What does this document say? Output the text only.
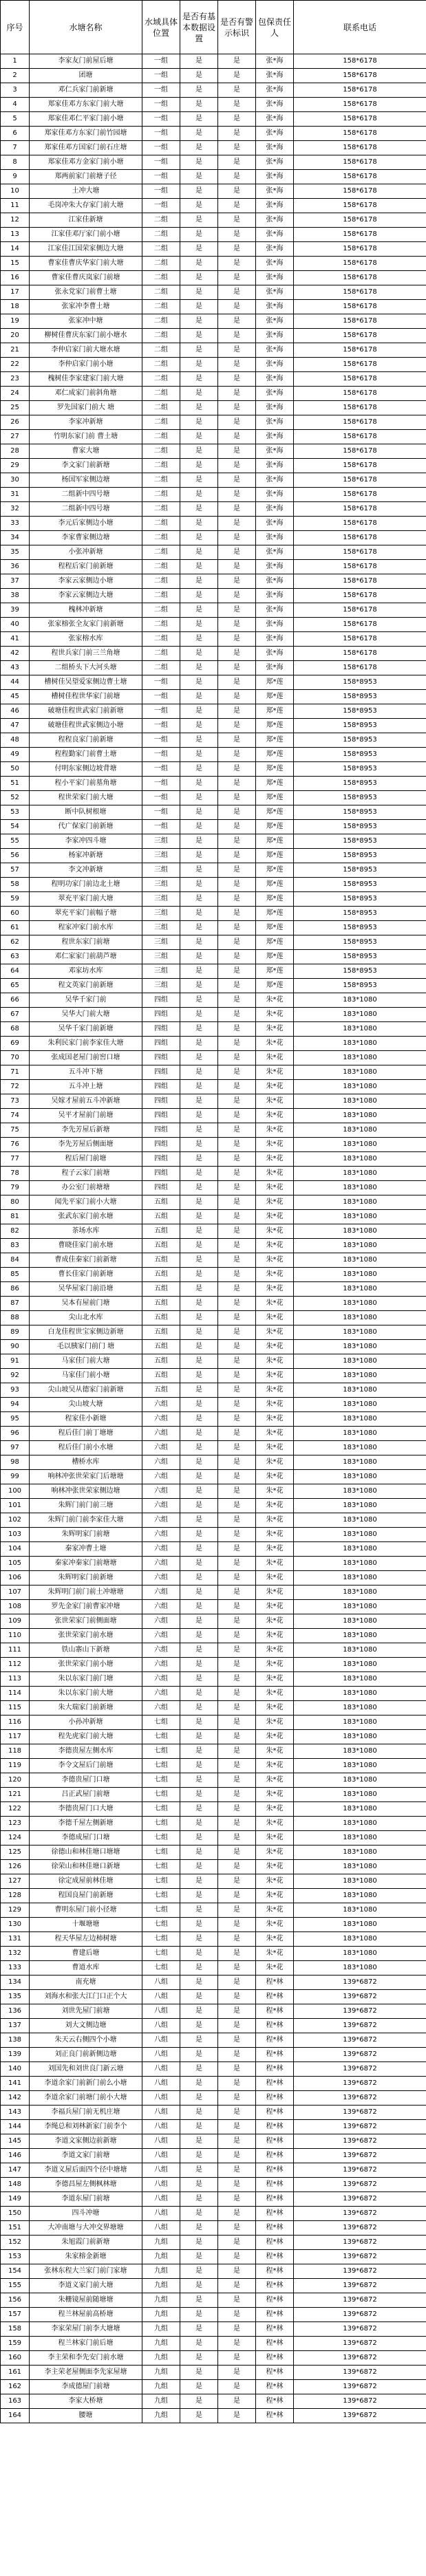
序号	水塘名称	水域具体位置	是否有基本数据设置	是否有警示标识	包保责任人	联系电话
1	李家友门前屋后塘	一组	是	是	张*海	158*6178
2	团塘	一组	是	是	张*海	158*6178
3	邓仁兵家门前新塘	一组	是	是	张*海	158*6178
4	郑家佳邓方东家门前大塘	一组	是	是	张*海	158*6178
5	郑家佳邓仁平家门前小塘	一组	是	是	张*海	158*6178
6	郑家佳邓方东家门前竹园塘	一组	是	是	张*海	158*6178
7	郑家佳邓方国家门前石庄塘	一组	是	是	张*海	158*6178
8	郑家佳邓方金家门前小塘	一组	是	是	张*海	158*6178
9	郑两前家门前塘子径	一组	是	是	张*海	158*6178
10	土冲大塘	一组	是	是	张*海	158*6178
11	毛岗冲朱大存家门前大塘	一组	是	是	张*海	158*6178
12	江家佳新塘	二组	是	是	张*海	158*6178
13	江家佳邓厅家门前小塘	二组	是	是	张*海	158*6178
14	江家佳江国荣家侧边大塘	二组	是	是	张*海	158*6178
15	曹家佳曹庆华家门前大塘	二组	是	是	张*海	158*6178
16	曹家佳曹庆岚家门前塘	二组	是	是	张*海	158*6178
17	张永党家门前曹土塘	二组	是	是	张*海	158*6178
18	张家冲李曹土塘	二组	是	是	张*海	158*6178
19	张家冲中塘	二组	是	是	张*海	158*6178
20	柳树佳曹庆东家门前小塘水	二组	是	是	张*海	158*6178
21	李仲启家门前大塘水塘	二组	是	是	张*海	158*6178
22	李仲启家门前小塘	二组	是	是	张*海	158*6178
23	槐树佳李家建家门前大塘	二组	是	是	张*海	158*6178
24	邓仁成家门前斜角塘	二组	是	是	张*海	158*6178
25	罗先国家门前大 塘	二组	是	是	张*海	158*6178
26	李家冲新塘	二组	是	是	张*海	158*6178
27	竹明东家门前 曹土塘	二组	是	是	张*海	158*6178
28	曹家大塘	二组	是	是	张*海	158*6178
29	李文家门前新塘	二组	是	是	张*海	158*6178
30	杨国军家侧边塘	二组	是	是	张*海	158*6178
31	二组新中四号塘	二组	是	是	张*海	158*6178
32	二组新中四号塘	二组	是	是	张*海	158*6178
33	李元后家侧边小塘	二组	是	是	张*海	158*6178
34	李家曹家侧边塘	二组	是	是	张*海	158*6178
35	小张冲新塘	二组	是	是	张*海	158*6178
36	程程后家门前新塘	二组	是	是	张*海	158*6178
37	李家云家侧边小塘	二组	是	是	张*海	158*6178
38	李家云家侧边大塘	二组	是	是	张*海	158*6178
39	槐林冲新塘	二组	是	是	张*海	158*6178
40	张家榕张全友家门前新塘	二组	是	是	张*海	158*6178
41	张家榕水库	二组	是	是	张*海	158*6178
42	程世兵家门前三兰角塘	二组	是	是	张*海	158*6178
43	二组桥头下大河头塘	二组	是	是	张*海	158*6178
44	槽树佳吴望爱家侧边曹土塘	一组	是	是	郑*莲	158*8953
45	槽树佳程世华家门前塘	一组	是	是	郑*莲	158*8953
46	破塘佳程世武家门前新塘	一组	是	是	郑*莲	158*8953
47	破塘佳程世武家侧边小塘	一组	是	是	郑*莲	158*8953
48	程程良家门前新塘	一组	是	是	郑*莲	158*8953
49	程程勤家门前曹土塘	一组	是	是	郑*莲	158*8953
50	付明东家侧边坡背塘	一组	是	是	郑*莲	158*8953
51	程小平家门前墓角塘	一组	是	是	郑*莲	158*8953
52	程世荣家门前大塘	一组	是	是	郑*莲	158*8953
53	断中队树根塘	一组	是	是	郑*莲	158*8953
54	代广保家门前新塘	一组	是	是	郑*莲	158*8953
55	李家冲四斗塘	三组	是	是	郑*莲	158*8953
56	杨家冲新塘	三组	是	是	郑*莲	158*8953
57	李文冲新塘	三组	是	是	郑*莲	158*8953
58	程明功家门前边北土塘	三组	是	是	郑*莲	158*8953
59	翠充平家门前大塘	三组	是	是	郑*莲	158*8953
60	翠充平家门前幅子塘	三组	是	是	郑*莲	158*8953
61	程家冲家门前水库	三组	是	是	郑*莲	158*8953
62	程世东家门前塘	三组	是	是	郑*莲	158*8953
63	邓仁家家门前葫芦塘	三组	是	是	郑*莲	158*8953
64	邓家坊水库	三组	是	是	郑*莲	158*8953
65	程文英家门前新塘	三组	是	是	郑*莲	158*8953
66	吴华千家门前	四组	是	是	朱*花	183*1080
67	吴华大门前大塘	四组	是	是	朱*花	183*1080
68	吴华千家门前新塘	四组	是	是	朱*花	183*1080
69	朱利民家门前李家佳大塘	四组	是	是	朱*花	183*1080
70	张成国老屋门前窖口塘	四组	是	是	朱*花	183*1080
71	五斗冲下塘	四组	是	是	朱*花	183*1080
72	五斗冲上塘	四组	是	是	朱*花	183*1080
73	吴嫁才屋前五斗冲新塘	四组	是	是	朱*花	183*1080
74	吴平才屋前门前塘	四组	是	是	朱*花	183*1080
75	李先芳屋后新塘	四组	是	是	朱*花	183*1080
76	李先芳屋后侧面塘	四组	是	是	朱*花	183*1080
77	程后屋门前塘	四组	是	是	朱*花	183*1080
78	程子云家门前塘	四组	是	是	朱*花	183*1080
79	办公室门前塘塘	四组	是	是	朱*花	183*1080
80	闻先平家门前小大塘	五组	是	是	朱*花	183*1080
81	张武东家门前水塘	五组	是	是	朱*花	183*1080
82	茶场水库	五组	是	是	朱*花	183*1080
83	曹晓佳家门前水塘	五组	是	是	朱*花	183*1080
84	曹成佳秦家门前新塘	五组	是	是	朱*花	183*1080
85	曹长佳家门前新塘	五组	是	是	朱*花	183*1080
86	吴华屋家门前沿塘	五组	是	是	朱*花	183*1080
87	吴本有屋前门塘	五组	是	是	朱*花	183*1080
88	尖山北水库	五组	是	是	朱*花	183*1080
89	白龙佳程世宝家侧边新塘	五组	是	是	朱*花	183*1080
90	毛以胰家门前门 塘	五组	是	是	朱*花	183*1080
91	马家佳门前大塘	五组	是	是	朱*花	183*1080
92	马家佳门前小塘	五组	是	是	朱*花	183*1080
93	尖山坡吴从德家门前新塘	五组	是	是	朱*花	183*1080
94	尖山坡大塘	六组	是	是	朱*花	183*1080
95	程家佳小新塘	六组	是	是	朱*花	183*1080
96	程后佳门前丁塘塘	六组	是	是	朱*花	183*1080
97	程后佳门前小水塘	六组	是	是	朱*花	183*1080
98	槽桥水库	六组	是	是	朱*花	183*1080
99	响林冲张世荣家门后塘塘	六组	是	是	朱*花	183*1080
100	响林冲张世荣家侧边塘	六组	是	是	朱*花	183*1080
101	朱辉门前门前三塘	六组	是	是	朱*花	183*1080
102	朱辉门前门前李家佳大塘	六组	是	是	朱*花	183*1080
103	朱辉明家门前塘	六组	是	是	朱*花	183*1080
104	秦家冲曹土塘	六组	是	是	朱*花	183*1080
105	秦家冲秦家门前塘塘	六组	是	是	朱*花	183*1080
106	朱辉明家门前新塘	六组	是	是	朱*花	183*1080
107	朱辉明门前门前土冲塘塘	六组	是	是	朱*花	183*1080
108	罗先金家门前曹家冲塘	六组	是	是	朱*花	183*1080
109	张世荣家门前侧面塘	六组	是	是	朱*花	183*1080
110	张世荣家门前水塘	六组	是	是	朱*花	183*1080
111	铁山寨山下新塘	六组	是	是	朱*花	183*1080
112	张世荣家门前小塘	六组	是	是	朱*花	183*1080
113	朱以东家门前门塘	六组	是	是	朱*花	183*1080
114	朱以东家门前大塘	六组	是	是	朱*花	183*1080
115	朱大瑞家门前新塘	六组	是	是	朱*花	183*1080
116	小孙冲新塘	七组	是	是	朱*花	183*1080
117	程先虎家门前大塘	七组	是	是	朱*花	183*1080
118	李德贵屋左侧水库	七组	是	是	朱*花	183*1080
119	李令文屋后门前塘	七组	是	是	朱*花	183*1080
120	李德贵屋门口塘	七组	是	是	朱*花	183*1080
121	吕正武屋门前塘	七组	是	是	朱*花	183*1080
122	李德贵屋门口大塘	七组	是	是	朱*花	183*1080
123	李德千屋左侧新塘	七组	是	是	朱*花	183*1080
124	李德成屋门口塘	七组	是	是	朱*花	183*1080
125	徐德山和林佳塘口塘塘	七组	是	是	朱*花	183*1080
126	徐荣山和林佳塘口新塘	七组	是	是	朱*花	183*1080
127	徐定成屋前林佳塘	七组	是	是	朱*花	183*1080
128	程国良屋门前新塘	七组	是	是	朱*花	183*1080
129	曹明东屋门前小径塘	七组	是	是	朱*花	183*1080
130	十堰塘塘	七组	是	是	朱*花	183*1080
131	程天华屋左边柿树塘	七组	是	是	朱*花	183*1080
132	曹建后塘	七组	是	是	朱*花	183*1080
133	曹道水库	七组	是	是	朱*花	183*1080
134	南充塘	八组	是	是	程*林	139*6872
135	刘海水和张大江门口正个大	八组	是	是	程*林	139*6872
136	刘世先屋门前塘	八组	是	是	程*林	139*6872
137	刘大文侧边塘	八组	是	是	程*林	139*6872
138	朱天云右侧四个小塘	八组	是	是	程*林	139*6872
139	刘正良门前新侧边塘	八组	是	是	程*林	139*6872
140	刘国先和刘世良门新云塘	八组	是	是	程*林	139*6872
141	李道余家门前新门前么小塘	八组	是	是	程*林	139*6872
142	李道余家门前塘门前小大塘	八组	是	是	程*林	139*6872
143	李福兵屋门前无机庄塘	八组	是	是	程*林	139*6872
144	李绳总和刘林新家门前李个	八组	是	是	程*林	139*6872
145	李道文家侧边前新塘	八组	是	是	程*林	139*6872
146	李道文家门前塘	八组	是	是	程*林	139*6872
147	李道义屋后面四个径中塘塘	八组	是	是	程*林	139*6872
148	李德昌屋左侧枫林塘	八组	是	是	程*林	139*6872
149	李道东屋门前塘	八组	是	是	程*林	139*6872
150	四斗冲塘	八组	是	是	程*林	139*6872
151	大冲南塘与大冲交界塘塘	八组	是	是	程*林	139*6872
152	朱旭霞门前新塘	九组	是	是	程*林	139*6872
153	朱家榕金新塘	九组	是	是	程*林	139*6872
154	张林东程大兰家门前门家塘	九组	是	是	程*林	139*6872
155	李道义家门前大塘	九组	是	是	程*林	139*6872
156	朱栅镜屋前随塘塘	九组	是	是	程*林	139*6872
157	程兰林屋前高桥塘	九组	是	是	程*林	139*6872
158	李家荣屋门前李大塘塘	九组	是	是	程*林	139*6872
159	程兰林家门前后塘	九组	是	是	程*林	139*6872
160	李主荣和李先安门前水塘	九组	是	是	程*林	139*6872
161	李主荣老屋侧面李先家屋塘	九组	是	是	程*林	139*6872
162	李成德屋门前塘	九组	是	是	程*林	139*6872
163	李家大桥塘	九组	是	是	程*林	139*6872
164	腰塘	九组	是	是	程*林	139*6872
